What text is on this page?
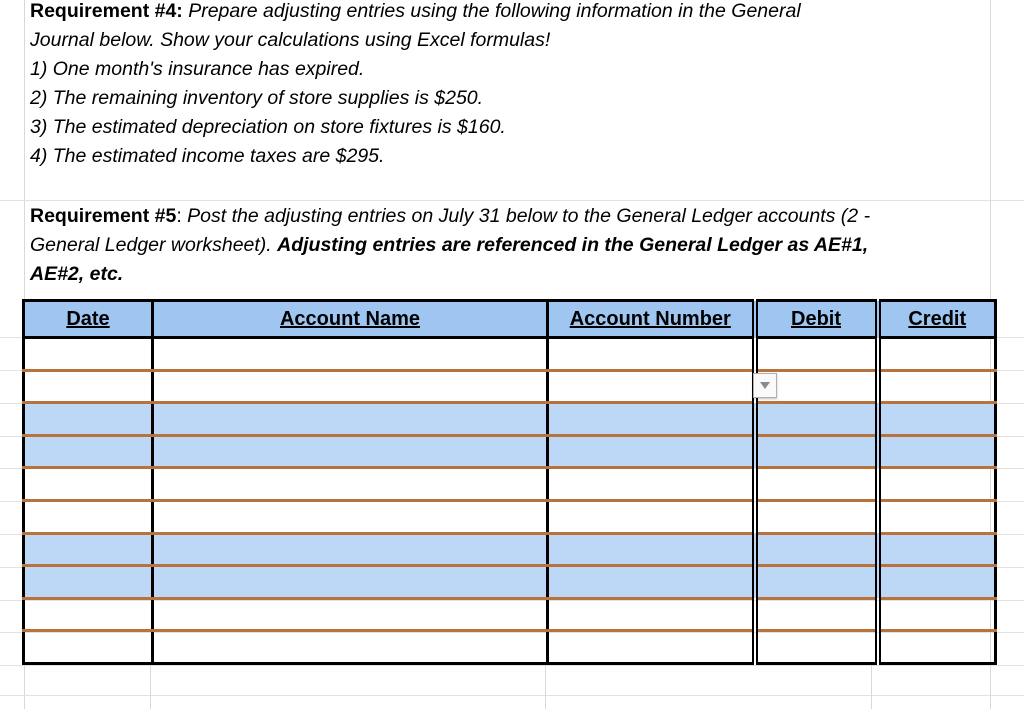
Requirement #4: Prepare adjusting entries using the following information in the General
Journal below. Show your calculations using Excel formulas!
1) One month's insurance has expired.
2) The remaining inventory of store supplies is $250.
3) The estimated depreciation on store fixtures is $160.
4) The estimated income taxes are $295.
Requirement #5: Post the adjusting entries on July 31 below to the General Ledger accounts (2 -
General Ledger worksheet). Adjusting entries are referenced in the General Ledger as AE#1,
AE#2, etc.
Date	Account Name	Account Number	Debit	Credit
